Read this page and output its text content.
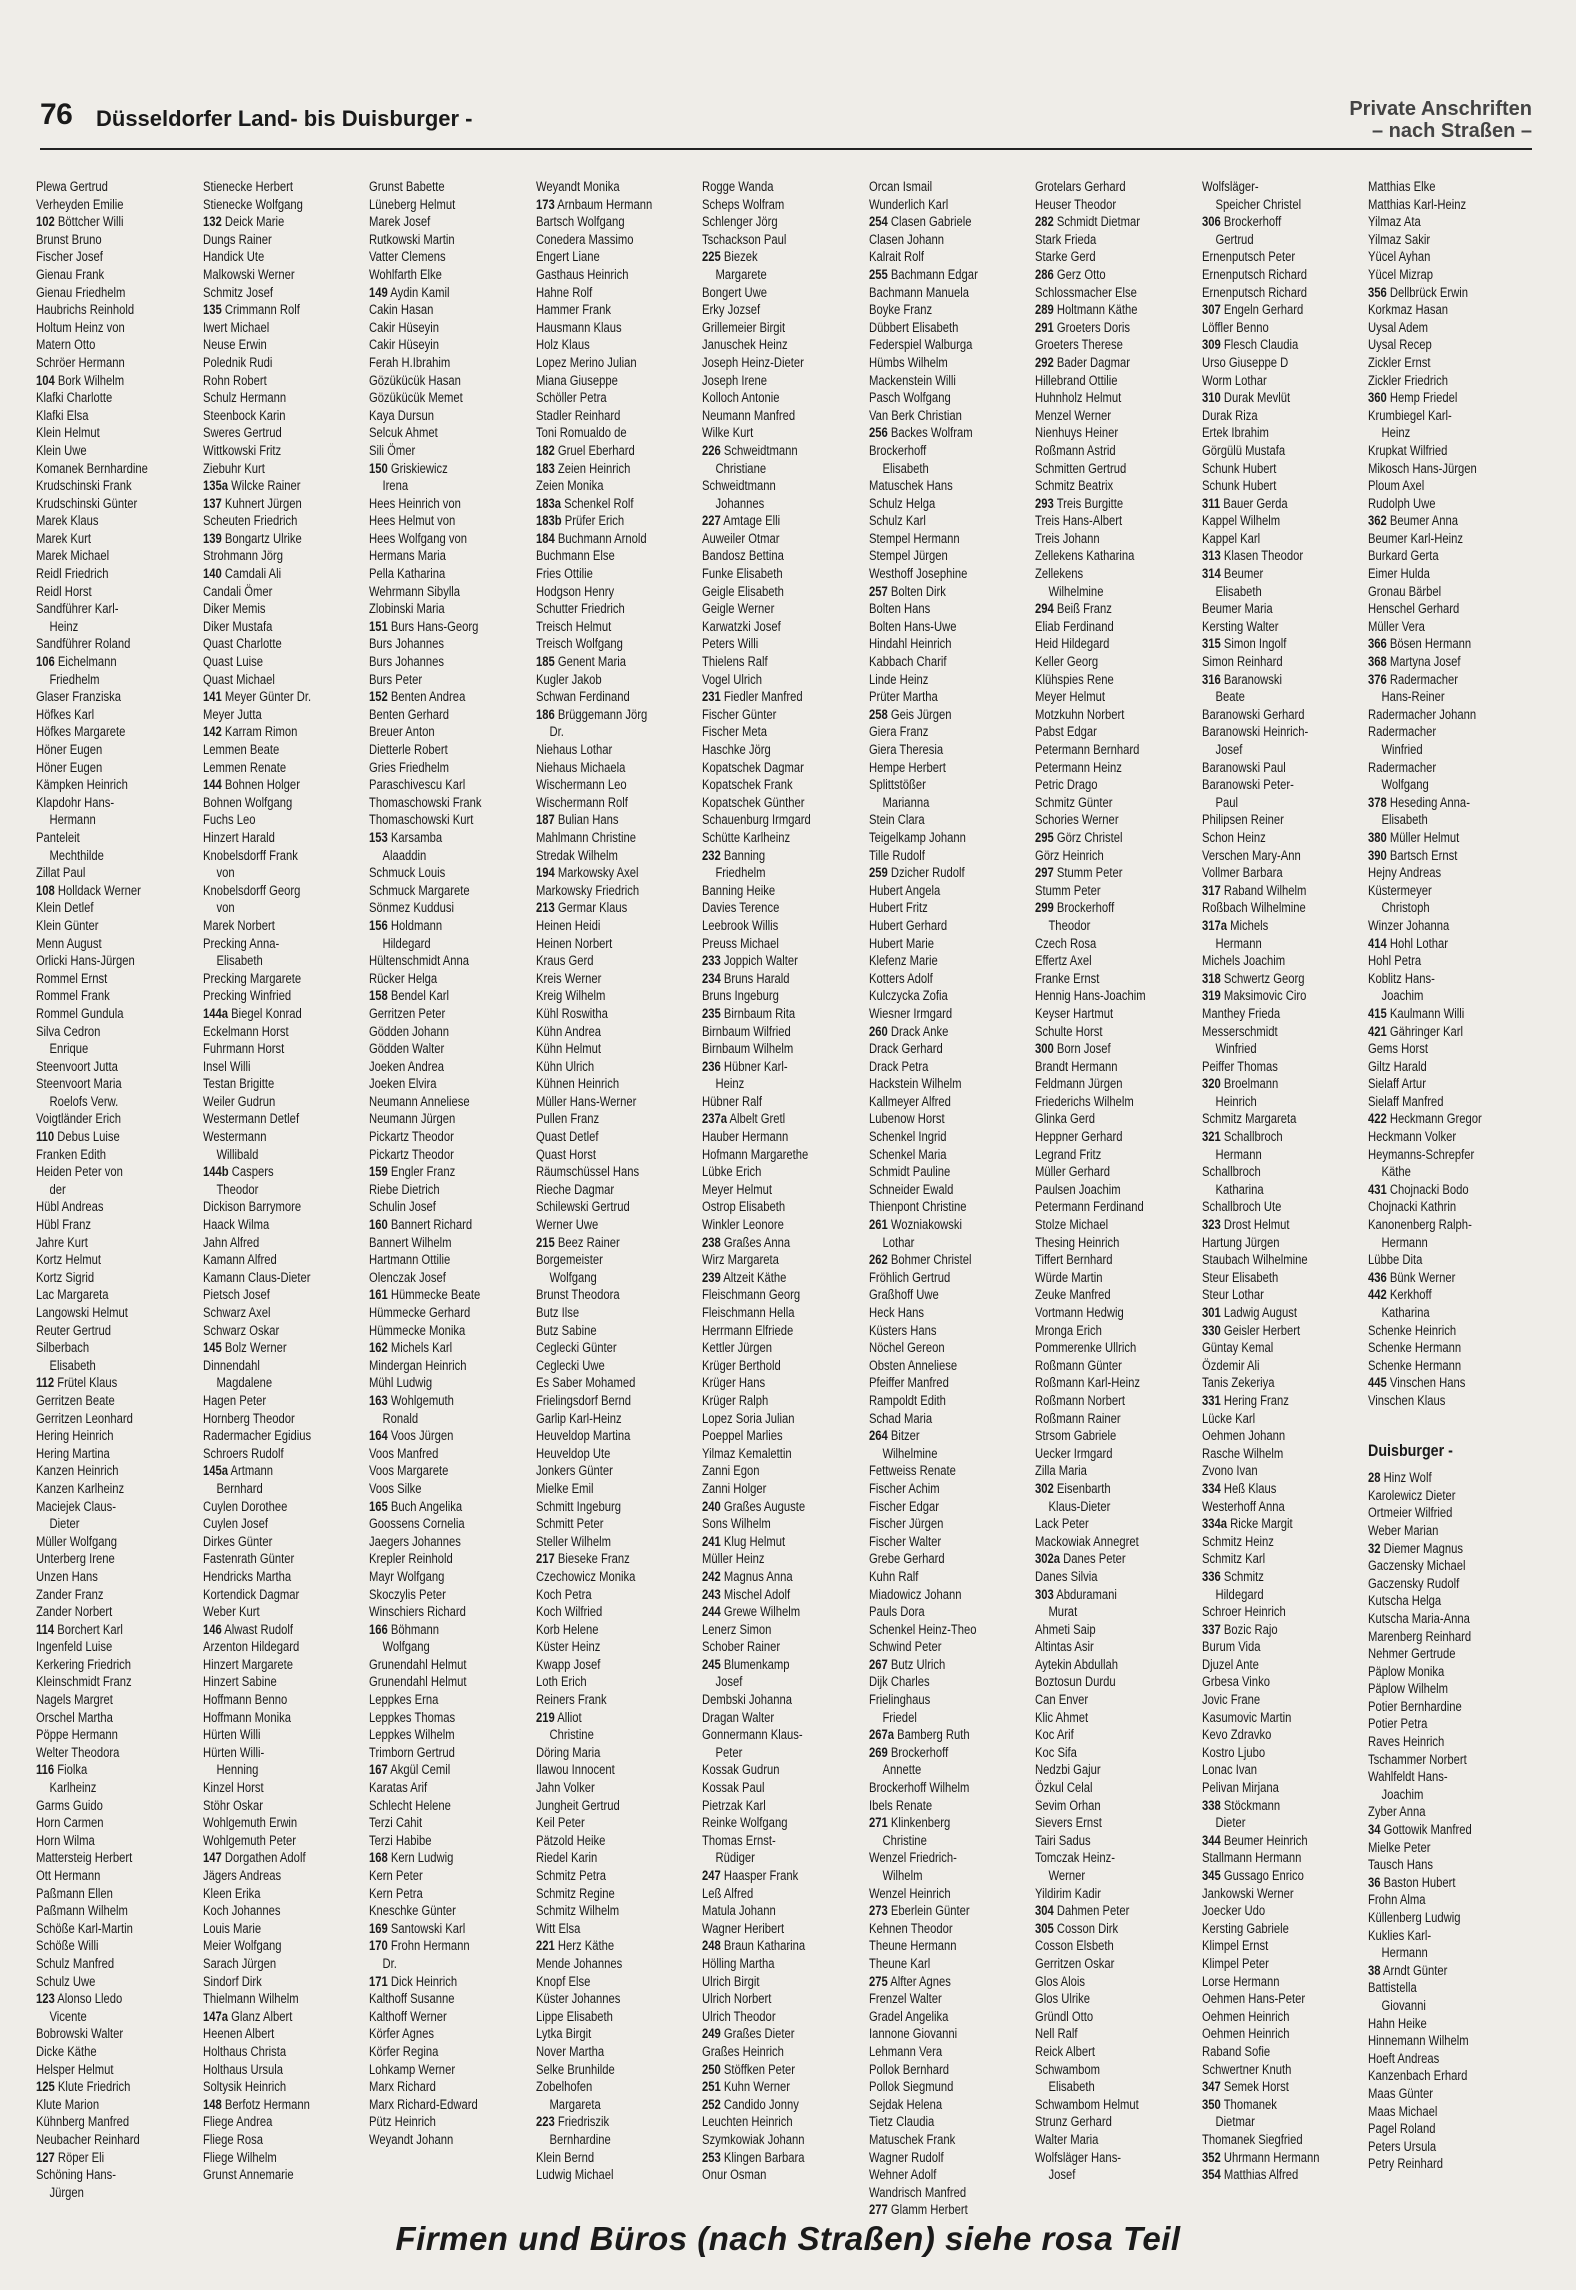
76 Düsseldorfer Land- bis Duisburger -	Private Anschriften
– nach Straßen –
Plewa Gertrud
Verheyden Emilie
102 Böttcher Willi
Brunst Bruno
Fischer Josef
Gienau Frank
Gienau Friedhelm
Haubrichs Reinhold
Holtum Heinz von
Matern Otto
Schröer Hermann
104 Bork Wilhelm
Klafki Charlotte
Klafki Elsa
Klein Helmut
Klein Uwe
Komanek Bernhardine
Krudschinski Frank
Krudschinski Günter
Marek Klaus
Marek Kurt
Marek Michael
Reidl Friedrich
Reidl Horst
Sandführer Karl-
Heinz
Sandführer Roland
106 Eichelmann
Friedhelm
Glaser Franziska
Höfkes Karl
Höfkes Margarete
Höner Eugen
Höner Eugen
Kämpken Heinrich
Klapdohr Hans-
Hermann
Panteleit
Mechthilde
Zillat Paul
108 Holldack Werner
Klein Detlef
Klein Günter
Menn August
Orlicki Hans-Jürgen
Rommel Ernst
Rommel Frank
Rommel Gundula
Silva Cedron
Enrique
Steenvoort Jutta
Steenvoort Maria
Roelofs Verw.
Voigtländer Erich
110 Debus Luise
Franken Edith
Heiden Peter von
der
Hübl Andreas
Hübl Franz
Jahre Kurt
Kortz Helmut
Kortz Sigrid
Lac Margareta
Langowski Helmut
Reuter Gertrud
Silberbach
Elisabeth
112 Frütel Klaus
Gerritzen Beate
Gerritzen Leonhard
Hering Heinrich
Hering Martina
Kanzen Heinrich
Kanzen Karlheinz
Maciejek Claus-
Dieter
Müller Wolfgang
Unterberg Irene
Unzen Hans
Zander Franz
Zander Norbert
114 Borchert Karl
Ingenfeld Luise
Kerkering Friedrich
Kleinschmidt Franz
Nagels Margret
Orschel Martha
Pöppe Hermann
Welter Theodora
116 Fiolka
Karlheinz
Garms Guido
Horn Carmen
Horn Wilma
Mattersteig Herbert
Ott Hermann
Paßmann Ellen
Paßmann Wilhelm
Schöße Karl-Martin
Schöße Willi
Schulz Manfred
Schulz Uwe
123 Alonso Lledo
Vicente
Bobrowski Walter
Dicke Käthe
Helsper Helmut
125 Klute Friedrich
Klute Marion
Kühnberg Manfred
Neubacher Reinhard
127 Röper Eli
Schöning Hans-
Jürgen
Stienecke Herbert
Stienecke Wolfgang
132 Deick Marie
Dungs Rainer
Handick Ute
Malkowski Werner
Schmitz Josef
135 Crimmann Rolf
Iwert Michael
Neuse Erwin
Polednik Rudi
Rohn Robert
Schulz Hermann
Steenbock Karin
Sweres Gertrud
Wittkowski Fritz
Ziebuhr Kurt
135a Wilcke Rainer
137 Kuhnert Jürgen
Scheuten Friedrich
139 Bongartz Ulrike
Strohmann Jörg
140 Camdali Ali
Candali Ömer
Diker Memis
Diker Mustafa
Quast Charlotte
Quast Luise
Quast Michael
141 Meyer Günter Dr.
Meyer Jutta
142 Karram Rimon
Lemmen Beate
Lemmen Renate
144 Bohnen Holger
Bohnen Wolfgang
Fuchs Leo
Hinzert Harald
Knobelsdorff Frank
von
Knobelsdorff Georg
von
Marek Norbert
Precking Anna-
Elisabeth
Precking Margarete
Precking Winfried
144a Biegel Konrad
Eckelmann Horst
Fuhrmann Horst
Insel Willi
Testan Brigitte
Weiler Gudrun
Westermann Detlef
Westermann
Willibald
144b Caspers
Theodor
Dickison Barrymore
Haack Wilma
Jahn Alfred
Kamann Alfred
Kamann Claus-Dieter
Pietsch Josef
Schwarz Axel
Schwarz Oskar
145 Bolz Werner
Dinnendahl
Magdalene
Hagen Peter
Hornberg Theodor
Radermacher Egidius
Schroers Rudolf
145a Artmann
Bernhard
Cuylen Dorothee
Cuylen Josef
Dirkes Günter
Fastenrath Günter
Hendricks Martha
Kortendick Dagmar
Weber Kurt
146 Alwast Rudolf
Arzenton Hildegard
Hinzert Margarete
Hinzert Sabine
Hoffmann Benno
Hoffmann Monika
Hürten Willi
Hürten Willi-
Henning
Kinzel Horst
Stöhr Oskar
Wohlgemuth Erwin
Wohlgemuth Peter
147 Dorgathen Adolf
Jägers Andreas
Kleen Erika
Koch Johannes
Louis Marie
Meier Wolfgang
Sarach Jürgen
Sindorf Dirk
Thielmann Wilhelm
147a Glanz Albert
Heenen Albert
Holthaus Christa
Holthaus Ursula
Soltysik Heinrich
148 Berfotz Hermann
Fliege Andrea
Fliege Rosa
Fliege Wilhelm
Grunst Annemarie
Grunst Babette
Lüneberg Helmut
Marek Josef
Rutkowski Martin
Vatter Clemens
Wohlfarth Elke
149 Aydin Kamil
Cakin Hasan
Cakir Hüseyin
Cakir Hüseyin
Ferah H.Ibrahim
Gözükücük Hasan
Gözükücük Memet
Kaya Dursun
Selcuk Ahmet
Sili Ömer
150 Griskiewicz
Irena
Hees Heinrich von
Hees Helmut von
Hees Wolfgang von
Hermans Maria
Pella Katharina
Wehrmann Sibylla
Zlobinski Maria
151 Burs Hans-Georg
Burs Johannes
Burs Johannes
Burs Peter
152 Benten Andrea
Benten Gerhard
Breuer Anton
Dietterle Robert
Gries Friedhelm
Paraschivescu Karl
Thomaschowski Frank
Thomaschowski Kurt
153 Karsamba
Alaaddin
Schmuck Louis
Schmuck Margarete
Sönmez Kuddusi
156 Holdmann
Hildegard
Hültenschmidt Anna
Rücker Helga
158 Bendel Karl
Gerritzen Peter
Gödden Johann
Gödden Walter
Joeken Andrea
Joeken Elvira
Neumann Anneliese
Neumann Jürgen
Pickartz Theodor
Pickartz Theodor
159 Engler Franz
Riebe Dietrich
Schulin Josef
160 Bannert Richard
Bannert Wilhelm
Hartmann Ottilie
Olenczak Josef
161 Hümmecke Beate
Hümmecke Gerhard
Hümmecke Monika
162 Michels Karl
Mindergan Heinrich
Mühl Ludwig
163 Wohlgemuth
Ronald
164 Voos Jürgen
Voos Manfred
Voos Margarete
Voos Silke
165 Buch Angelika
Goossens Cornelia
Jaegers Johannes
Krepler Reinhold
Mayr Wolfgang
Skoczylis Peter
Winschiers Richard
166 Böhmann
Wolfgang
Grunendahl Helmut
Grunendahl Helmut
Leppkes Erna
Leppkes Thomas
Leppkes Wilhelm
Trimborn Gertrud
167 Akgül Cemil
Karatas Arif
Schlecht Helene
Terzi Cahit
Terzi Habibe
168 Kern Ludwig
Kern Peter
Kern Petra
Kneschke Günter
169 Santowski Karl
170 Frohn Hermann
Dr.
171 Dick Heinrich
Kalthoff Susanne
Kalthoff Werner
Körfer Agnes
Körfer Regina
Lohkamp Werner
Marx Richard
Marx Richard-Edward
Pütz Heinrich
Weyandt Johann
Weyandt Monika
173 Arnbaum Hermann
Bartsch Wolfgang
Conedera Massimo
Engert Liane
Gasthaus Heinrich
Hahne Rolf
Hammer Frank
Hausmann Klaus
Holz Klaus
Lopez Merino Julian
Miana Giuseppe
Schöller Petra
Stadler Reinhard
Toni Romualdo de
182 Gruel Eberhard
183 Zeien Heinrich
Zeien Monika
183a Schenkel Rolf
183b Prüfer Erich
184 Buchmann Arnold
Buchmann Else
Fries Ottilie
Hodgson Henry
Schutter Friedrich
Treisch Helmut
Treisch Wolfgang
185 Genent Maria
Kugler Jakob
Schwan Ferdinand
186 Brüggemann Jörg
Dr.
Niehaus Lothar
Niehaus Michaela
Wischermann Leo
Wischermann Rolf
187 Bulian Hans
Mahlmann Christine
Stredak Wilhelm
194 Markowsky Axel
Markowsky Friedrich
213 Germar Klaus
Heinen Heidi
Heinen Norbert
Kraus Gerd
Kreis Werner
Kreig Wilhelm
Kühl Roswitha
Kühn Andrea
Kühn Helmut
Kühn Ulrich
Kühnen Heinrich
Müller Hans-Werner
Pullen Franz
Quast Detlef
Quast Horst
Räumschüssel Hans
Rieche Dagmar
Schilewski Gertrud
Werner Uwe
215 Beez Rainer
Borgemeister
Wolfgang
Brunst Theodora
Butz Ilse
Butz Sabine
Ceglecki Günter
Ceglecki Uwe
Es Saber Mohamed
Frielingsdorf Bernd
Garlip Karl-Heinz
Heuveldop Martina
Heuveldop Ute
Jonkers Günter
Mielke Emil
Schmitt Ingeburg
Schmitt Peter
Steller Wilhelm
217 Bieseke Franz
Czechowicz Monika
Koch Petra
Koch Wilfried
Korb Helene
Küster Heinz
Kwapp Josef
Loth Erich
Reiners Frank
219 Alliot
Christine
Döring Maria
Ilawou Innocent
Jahn Volker
Jungheit Gertrud
Keil Peter
Pätzold Heike
Riedel Karin
Schmitz Petra
Schmitz Regine
Schmitz Wilhelm
Witt Elsa
221 Herz Käthe
Mende Johannes
Knopf Else
Küster Johannes
Lippe Elisabeth
Lytka Birgit
Nover Martha
Selke Brunhilde
Zobelhofen
Margareta
223 Friedriszik
Bernhardine
Klein Bernd
Ludwig Michael
Rogge Wanda
Scheps Wolfram
Schlenger Jörg
Tschackson Paul
225 Biezek
Margarete
Bongert Uwe
Erky Jozsef
Grillemeier Birgit
Januschek Heinz
Joseph Heinz-Dieter
Joseph Irene
Kolloch Antonie
Neumann Manfred
Wilke Kurt
226 Schweidtmann
Christiane
Schweidtmann
Johannes
227 Amtage Elli
Auweiler Otmar
Bandosz Bettina
Funke Elisabeth
Geigle Elisabeth
Geigle Werner
Karwatzki Josef
Peters Willi
Thielens Ralf
Vogel Ulrich
231 Fiedler Manfred
Fischer Günter
Fischer Meta
Haschke Jörg
Kopatschek Dagmar
Kopatschek Frank
Kopatschek Günther
Schauenburg Irmgard
Schütte Karlheinz
232 Banning
Friedhelm
Banning Heike
Davies Terence
Leebrook Willis
Preuss Michael
233 Joppich Walter
234 Bruns Harald
Bruns Ingeburg
235 Birnbaum Rita
Birnbaum Wilfried
Birnbaum Wilhelm
236 Hübner Karl-
Heinz
Hübner Ralf
237a Albelt Gretl
Hauber Hermann
Hofmann Margarethe
Lübke Erich
Meyer Helmut
Ostrop Elisabeth
Winkler Leonore
238 Graßes Anna
Wirz Margareta
239 Altzeit Käthe
Fleischmann Georg
Fleischmann Hella
Herrmann Elfriede
Kettler Jürgen
Krüger Berthold
Krüger Hans
Krüger Ralph
Lopez Soria Julian
Poeppel Marlies
Yilmaz Kemalettin
Zanni Egon
Zanni Holger
240 Graßes Auguste
Sons Wilhelm
241 Klug Helmut
Müller Heinz
242 Magnus Anna
243 Mischel Adolf
244 Grewe Wilhelm
Lenerz Simon
Schober Rainer
245 Blumenkamp
Josef
Dembski Johanna
Dragan Walter
Gonnermann Klaus-
Peter
Kossak Gudrun
Kossak Paul
Pietrzak Karl
Reinke Wolfgang
Thomas Ernst-
Rüdiger
247 Haasper Frank
Leß Alfred
Matula Johann
Wagner Heribert
248 Braun Katharina
Hölling Martha
Ulrich Birgit
Ulrich Norbert
Ulrich Theodor
249 Graßes Dieter
Graßes Heinrich
250 Stöffken Peter
251 Kuhn Werner
252 Candido Jonny
Leuchten Heinrich
Szymkowiak Johann
253 Klingen Barbara
Onur Osman
Orcan Ismail
Wunderlich Karl
254 Clasen Gabriele
Clasen Johann
Kalrait Rolf
255 Bachmann Edgar
Bachmann Manuela
Boyke Franz
Dübbert Elisabeth
Federspiel Walburga
Hümbs Wilhelm
Mackenstein Willi
Pasch Wolfgang
Van Berk Christian
256 Backes Wolfram
Brockerhoff
Elisabeth
Matuschek Hans
Schulz Helga
Schulz Karl
Stempel Hermann
Stempel Jürgen
Westhoff Josephine
257 Bolten Dirk
Bolten Hans
Bolten Hans-Uwe
Hindahl Heinrich
Kabbach Charif
Linde Heinz
Prüter Martha
258 Geis Jürgen
Giera Franz
Giera Theresia
Hempe Herbert
Splittstößer
Marianna
Stein Clara
Teigelkamp Johann
Tille Rudolf
259 Dzicher Rudolf
Hubert Angela
Hubert Fritz
Hubert Gerhard
Hubert Marie
Klefenz Marie
Kotters Adolf
Kulczycka Zofia
Wiesner Irmgard
260 Drack Anke
Drack Gerhard
Drack Petra
Hackstein Wilhelm
Kallmeyer Alfred
Lubenow Horst
Schenkel Ingrid
Schenkel Maria
Schmidt Pauline
Schneider Ewald
Thienpont Christine
261 Wozniakowski
Lothar
262 Bohmer Christel
Fröhlich Gertrud
Graßhoff Uwe
Heck Hans
Küsters Hans
Nöchel Gereon
Obsten Anneliese
Pfeiffer Manfred
Rampoldt Edith
Schad Maria
264 Bitzer
Wilhelmine
Fettweiss Renate
Fischer Achim
Fischer Edgar
Fischer Jürgen
Fischer Walter
Grebe Gerhard
Kuhn Ralf
Miadowicz Johann
Pauls Dora
Schenkel Heinz-Theo
Schwind Peter
267 Butz Ulrich
Dijk Charles
Frielinghaus
Friedel
267a Bamberg Ruth
269 Brockerhoff
Annette
Brockerhoff Wilhelm
Ibels Renate
271 Klinkenberg
Christine
Wenzel Friedrich-
Wilhelm
Wenzel Heinrich
273 Eberlein Günter
Kehnen Theodor
Theune Hermann
Theune Karl
275 Alfter Agnes
Frenzel Walter
Gradel Angelika
Iannone Giovanni
Lehmann Vera
Pollok Bernhard
Pollok Siegmund
Sejdak Helena
Tietz Claudia
Matuschek Frank
Wagner Rudolf
Wehner Adolf
Wandrisch Manfred
277 Glamm Herbert
Grotelars Gerhard
Heuser Theodor
282 Schmidt Dietmar
Stark Frieda
Starke Gerd
286 Gerz Otto
Schlossmacher Else
289 Holtmann Käthe
291 Groeters Doris
Groeters Therese
292 Bader Dagmar
Hillebrand Ottilie
Huhnholz Helmut
Menzel Werner
Nienhuys Heiner
Roßmann Astrid
Schmitten Gertrud
Schmitz Beatrix
293 Treis Burgitte
Treis Hans-Albert
Treis Johann
Zellekens Katharina
Zellekens
Wilhelmine
294 Beiß Franz
Eliab Ferdinand
Heid Hildegard
Keller Georg
Klühspies Rene
Meyer Helmut
Motzkuhn Norbert
Pabst Edgar
Petermann Bernhard
Petermann Heinz
Petric Drago
Schmitz Günter
Schories Werner
295 Görz Christel
Görz Heinrich
297 Stumm Peter
Stumm Peter
299 Brockerhoff
Theodor
Czech Rosa
Effertz Axel
Franke Ernst
Hennig Hans-Joachim
Keyser Hartmut
Schulte Horst
300 Born Josef
Brandt Hermann
Feldmann Jürgen
Friederichs Wilhelm
Glinka Gerd
Heppner Gerhard
Legrand Fritz
Müller Gerhard
Paulsen Joachim
Petermann Ferdinand
Stolze Michael
Thesing Heinrich
Tiffert Bernhard
Würde Martin
Zeuke Manfred
Vortmann Hedwig
Mronga Erich
Pommerenke Ullrich
Roßmann Günter
Roßmann Karl-Heinz
Roßmann Norbert
Roßmann Rainer
Strsom Gabriele
Uecker Irmgard
Zilla Maria
302 Eisenbarth
Klaus-Dieter
Lack Peter
Mackowiak Annegret
302a Danes Peter
Danes Silvia
303 Abduramani
Murat
Ahmeti Saip
Altintas Asir
Aytekin Abdullah
Boztosun Durdu
Can Enver
Klic Ahmet
Koc Arif
Koc Sifa
Nedzbi Gajur
Özkul Celal
Sevim Orhan
Sievers Ernst
Tairi Sadus
Tomczak Heinz-
Werner
Yildirim Kadir
304 Dahmen Peter
305 Cosson Dirk
Cosson Elsbeth
Gerritzen Oskar
Glos Alois
Glos Ulrike
Gründl Otto
Nell Ralf
Reick Albert
Schwambom
Elisabeth
Schwambom Helmut
Strunz Gerhard
Walter Maria
Wolfsläger Hans-
Josef
Wolfsläger-
Speicher Christel
306 Brockerhoff
Gertrud
Ernenputsch Peter
Ernenputsch Richard
Ernenputsch Richard
307 Engeln Gerhard
Löffler Benno
309 Flesch Claudia
Urso Giuseppe D
Worm Lothar
310 Durak Mevlüt
Durak Riza
Ertek Ibrahim
Görgülü Mustafa
Schunk Hubert
Schunk Hubert
311 Bauer Gerda
Kappel Wilhelm
Kappel Karl
313 Klasen Theodor
314 Beumer
Elisabeth
Beumer Maria
Kersting Walter
315 Simon Ingolf
Simon Reinhard
316 Baranowski
Beate
Baranowski Gerhard
Baranowski Heinrich-
Josef
Baranowski Paul
Baranowski Peter-
Paul
Philipsen Reiner
Schon Heinz
Verschen Mary-Ann
Vollmer Barbara
317 Raband Wilhelm
Roßbach Wilhelmine
317a Michels
Hermann
Michels Joachim
318 Schwertz Georg
319 Maksimovic Ciro
Manthey Frieda
Messerschmidt
Winfried
Peiffer Thomas
320 Broelmann
Heinrich
Schmitz Margareta
321 Schallbroch
Hermann
Schallbroch
Katharina
Schallbroch Ute
323 Drost Helmut
Hartung Jürgen
Staubach Wilhelmine
Steur Elisabeth
Steur Lothar
301 Ladwig August
330 Geisler Herbert
Güntay Kemal
Özdemir Ali
Tanis Zekeriya
331 Hering Franz
Lücke Karl
Oehmen Johann
Rasche Wilhelm
Zvono Ivan
334 Heß Klaus
Westerhoff Anna
334a Ricke Margit
Schmitz Heinz
Schmitz Karl
336 Schmitz
Hildegard
Schroer Heinrich
337 Bozic Rajo
Burum Vida
Djuzel Ante
Grbesa Vinko
Jovic Frane
Kasumovic Martin
Kevo Zdravko
Kostro Ljubo
Lonac Ivan
Pelivan Mirjana
338 Stöckmann
Dieter
344 Beumer Heinrich
Stallmann Hermann
345 Gussago Enrico
Jankowski Werner
Joecker Udo
Kersting Gabriele
Klimpel Ernst
Klimpel Peter
Lorse Hermann
Oehmen Hans-Peter
Oehmen Heinrich
Oehmen Heinrich
Raband Sofie
Schwertner Knuth
347 Semek Horst
350 Thomanek
Dietmar
Thomanek Siegfried
352 Uhrmann Hermann
354 Matthias Alfred
Matthias Elke
Matthias Karl-Heinz
Yilmaz Ata
Yilmaz Sakir
Yücel Ayhan
Yücel Mizrap
356 Dellbrück Erwin
Korkmaz Hasan
Uysal Adem
Uysal Recep
Zickler Ernst
Zickler Friedrich
360 Hemp Friedel
Krumbiegel Karl-
Heinz
Krupkat Wilfried
Mikosch Hans-Jürgen
Ploum Axel
Rudolph Uwe
362 Beumer Anna
Beumer Karl-Heinz
Burkard Gerta
Eimer Hulda
Gronau Bärbel
Henschel Gerhard
Müller Vera
366 Bösen Hermann
368 Martyna Josef
376 Radermacher
Hans-Reiner
Radermacher Johann
Radermacher
Winfried
Radermacher
Wolfgang
378 Heseding Anna-
Elisabeth
380 Müller Helmut
390 Bartsch Ernst
Hejny Andreas
Küstermeyer
Christoph
Winzer Johanna
414 Hohl Lothar
Hohl Petra
Koblitz Hans-
Joachim
415 Kaulmann Willi
421 Gähringer Karl
Gems Horst
Giltz Harald
Sielaff Artur
Sielaff Manfred
422 Heckmann Gregor
Heckmann Volker
Heymanns-Schrepfer
Käthe
431 Chojnacki Bodo
Chojnacki Kathrin
Kanonenberg Ralph-
Hermann
Lübbe Dita
436 Bünk Werner
442 Kerkhoff
Katharina
Schenke Heinrich
Schenke Hermann
Schenke Hermann
445 Vinschen Hans
Vinschen Klaus
Duisburger -
28 Hinz Wolf
Karolewicz Dieter
Ortmeier Wilfried
Weber Marian
32 Diemer Magnus
Gaczensky Michael
Gaczensky Rudolf
Kutscha Helga
Kutscha Maria-Anna
Marenberg Reinhard
Nehmer Gertrude
Päplow Monika
Päplow Wilhelm
Potier Bernhardine
Potier Petra
Raves Heinrich
Tschammer Norbert
Wahlfeldt Hans-
Joachim
Zyber Anna
34 Gottowik Manfred
Mielke Peter
Tausch Hans
36 Baston Hubert
Frohn Alma
Küllenberg Ludwig
Kuklies Karl-
Hermann
38 Arndt Günter
Battistella
Giovanni
Hahn Heike
Hinnemann Wilhelm
Hoeft Andreas
Kanzenbach Erhard
Maas Günter
Maas Michael
Pagel Roland
Peters Ursula
Petry Reinhard
Firmen und Büros (nach Straßen) siehe rosa Teil
